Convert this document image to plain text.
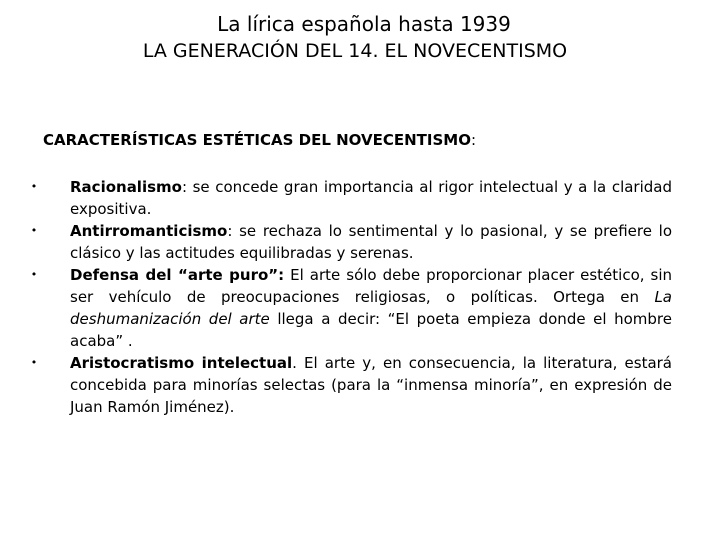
La lírica española hasta 1939
LA GENERACIÓN DEL 14. EL NOVECENTISMO

CARACTERÍSTICAS ESTÉTICAS DEL NOVECENTISMO:

• Racionalismo: se concede gran importancia al rigor intelectual y a la claridad expositiva.
• Antirromanticismo: se rechaza lo sentimental y lo pasional, y se prefiere lo clásico y las actitudes equilibradas y serenas.
• Defensa del “arte puro”: El arte sólo debe proporcionar placer estético, sin ser vehículo de preocupaciones religiosas, o políticas. Ortega en La deshumanización del arte llega a decir: “El poeta empieza donde el hombre acaba” .
• Aristocratismo intelectual. El arte y, en consecuencia, la literatura, estará concebida para minorías selectas (para la “inmensa minoría”, en expresión de Juan Ramón Jiménez).
